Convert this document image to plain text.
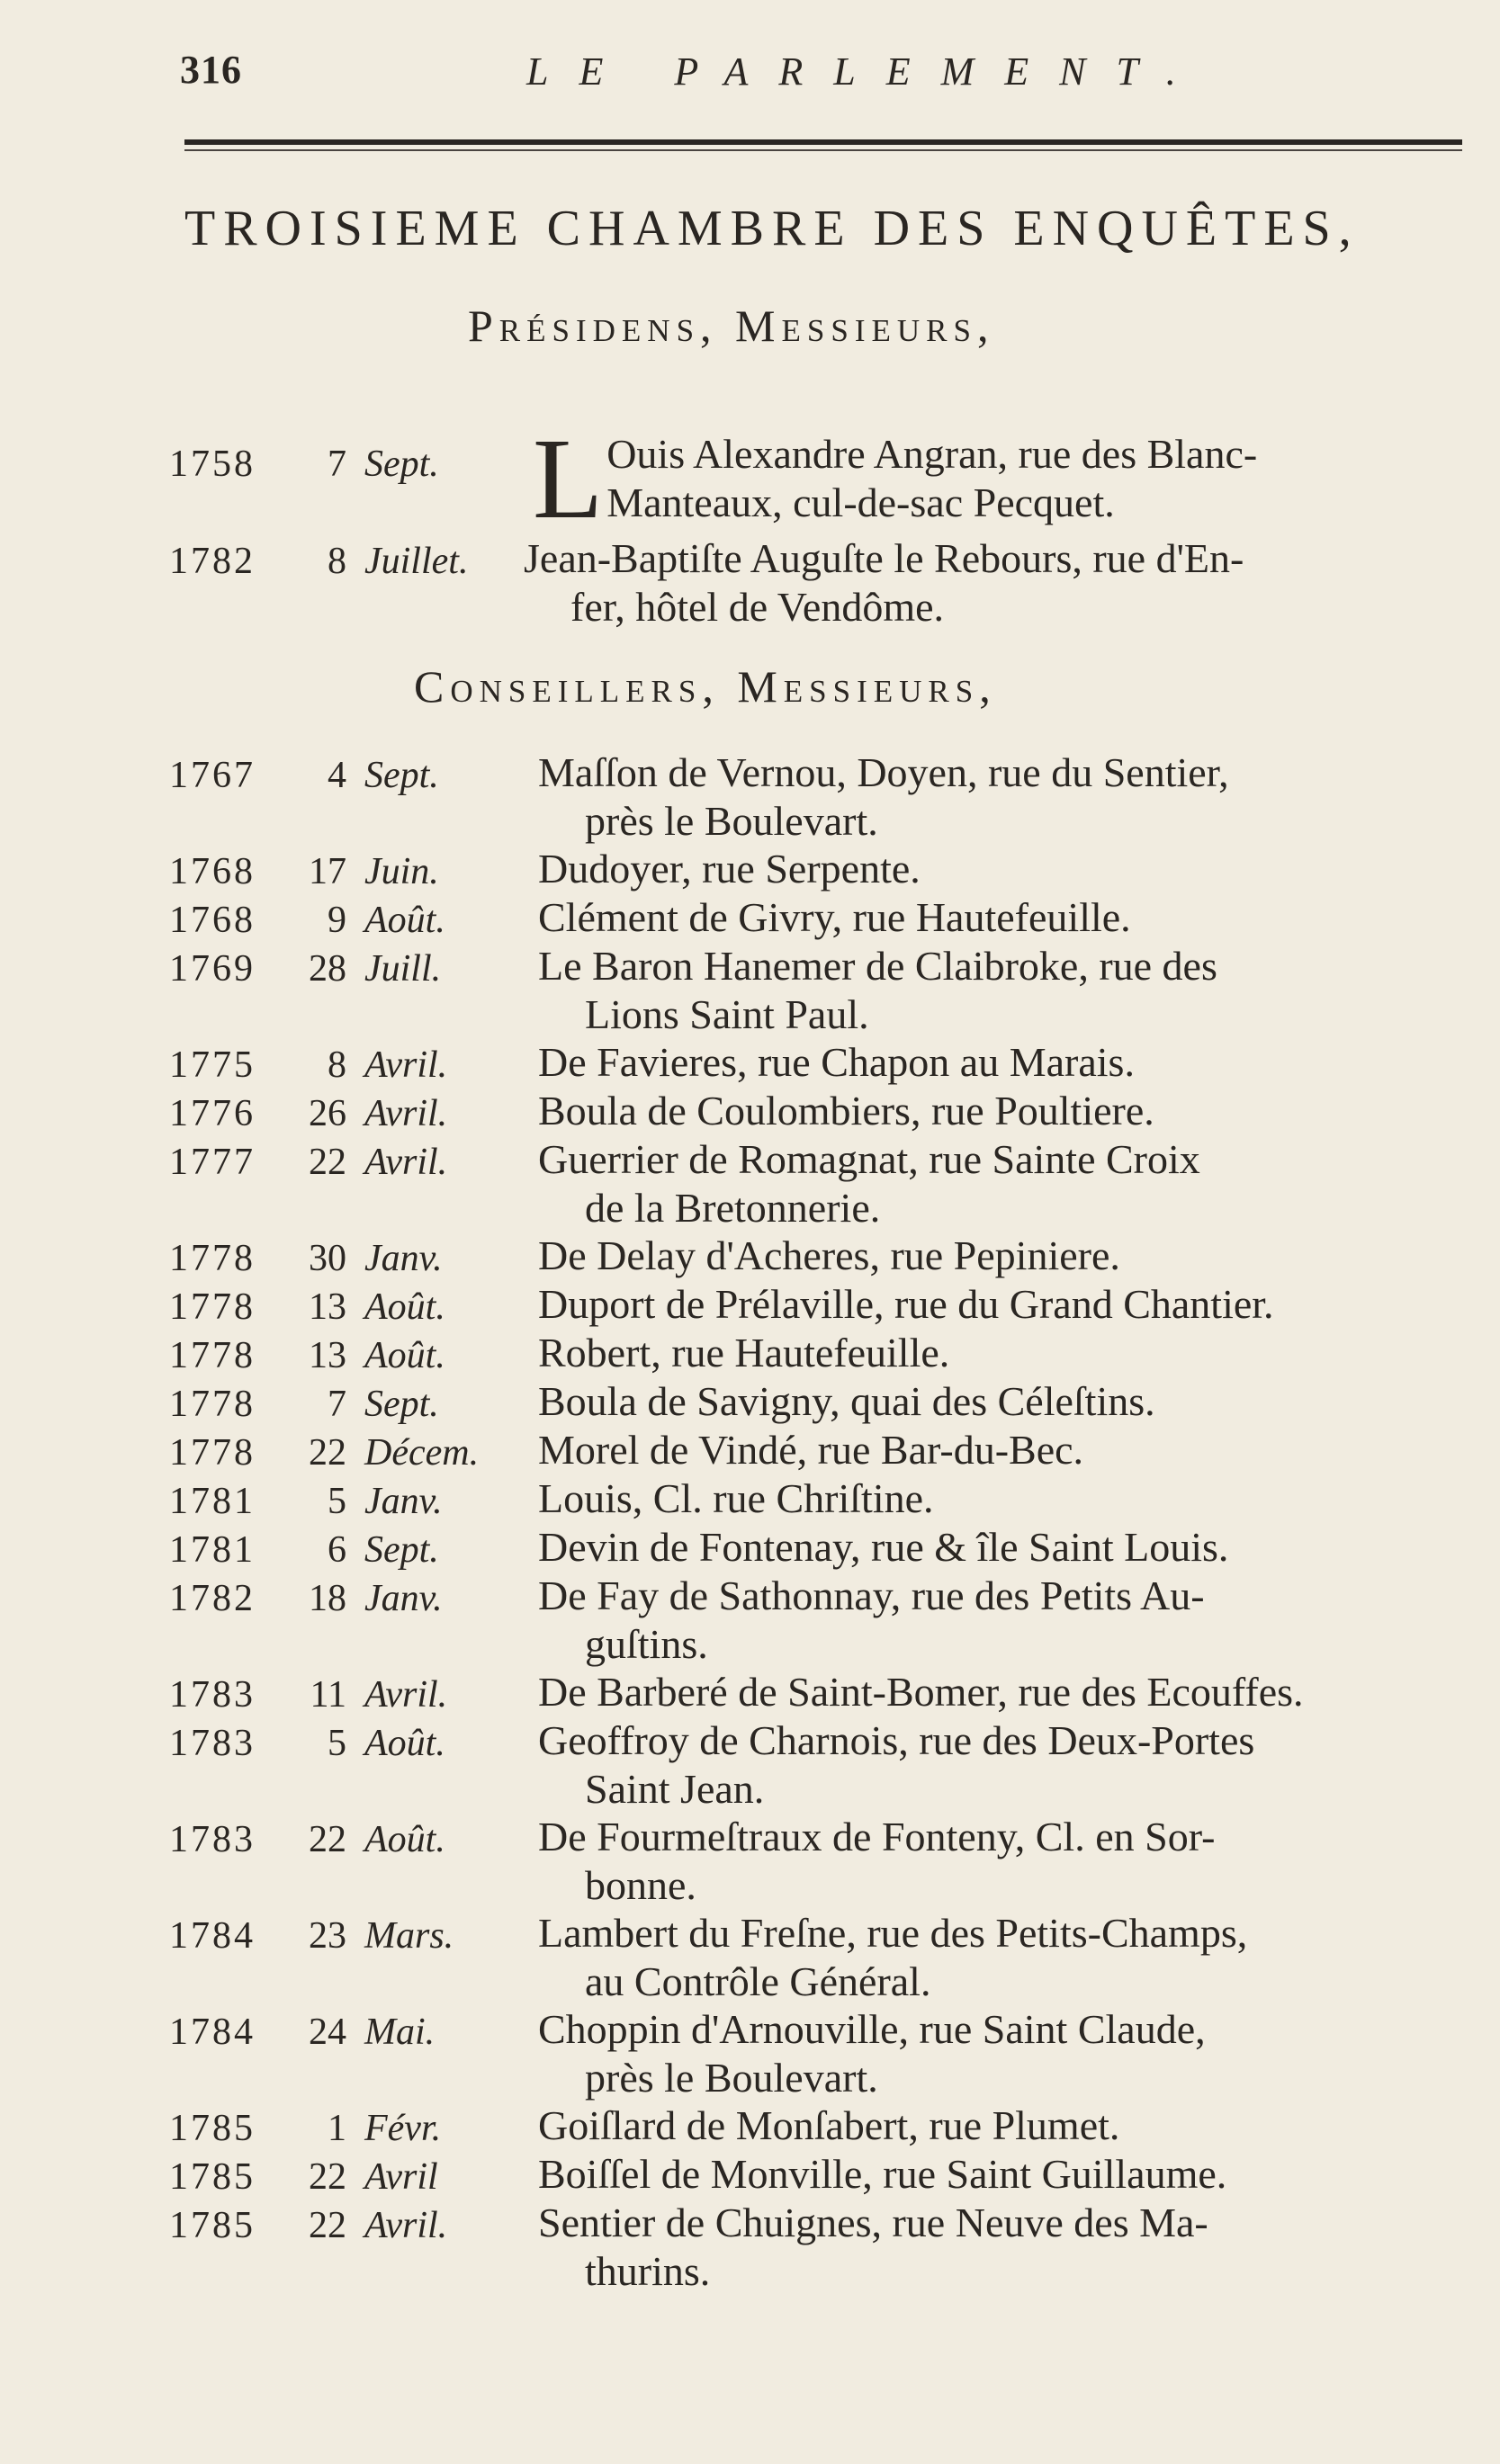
316	LE PARLEMENT.
TROISIEME CHAMBRE DES ENQUÊTES,
Présidens, Messieurs,
1758	7 Sept. L Ouis Alexandre Angran, rue des Blanc-
Manteaux, cul-de-sac Pecquet.
1782	8 Juillet. Jean-Baptiſte Auguſte le Rebours, rue d'En-
fer, hôtel de Vendôme.
Conseillers, Messieurs,
1767	4 Sept. Maſſon de Vernou, Doyen, rue du Sentier,
près le Boulevart.
1768	17 Juin. Dudoyer, rue Serpente.
1768	9 Août. Clément de Givry, rue Hautefeuille.
1769	28 Juill. Le Baron Hanemer de Claibroke, rue des
Lions Saint Paul.
1775	8 Avril. De Favieres, rue Chapon au Marais.
1776	26 Avril. Boula de Coulombiers, rue Poultiere.
1777	22 Avril. Guerrier de Romagnat, rue Sainte Croix
de la Bretonnerie.
1778	30 Janv. De Delay d'Acheres, rue Pepiniere.
1778	13 Août. Duport de Prélaville, rue du Grand Chantier.
1778	13 Août. Robert, rue Hautefeuille.
1778	7 Sept. Boula de Savigny, quai des Céleſtins.
1778	22 Décem. Morel de Vindé, rue Bar-du-Bec.
1781	5 Janv. Louis, Cl. rue Chriſtine.
1781	6 Sept. Devin de Fontenay, rue & île Saint Louis.
1782	18 Janv. De Fay de Sathonnay, rue des Petits Au-
guſtins.
1783	11 Avril. De Barberé de Saint-Bomer, rue des Ecouffes.
1783	5 Août. Geoffroy de Charnois, rue des Deux-Portes
Saint Jean.
1783	22 Août. De Fourmeſtraux de Fonteny, Cl. en Sor-
bonne.
1784	23 Mars. Lambert du Freſne, rue des Petits-Champs,
au Contrôle Général.
1784	24 Mai. Choppin d'Arnouville, rue Saint Claude,
près le Boulevart.
1785	1 Févr. Goiſlard de Monſabert, rue Plumet.
1785	22 Avril Boiſſel de Monville, rue Saint Guillaume.
1785	22 Avril. Sentier de Chuignes, rue Neuve des Ma-
thurins.
